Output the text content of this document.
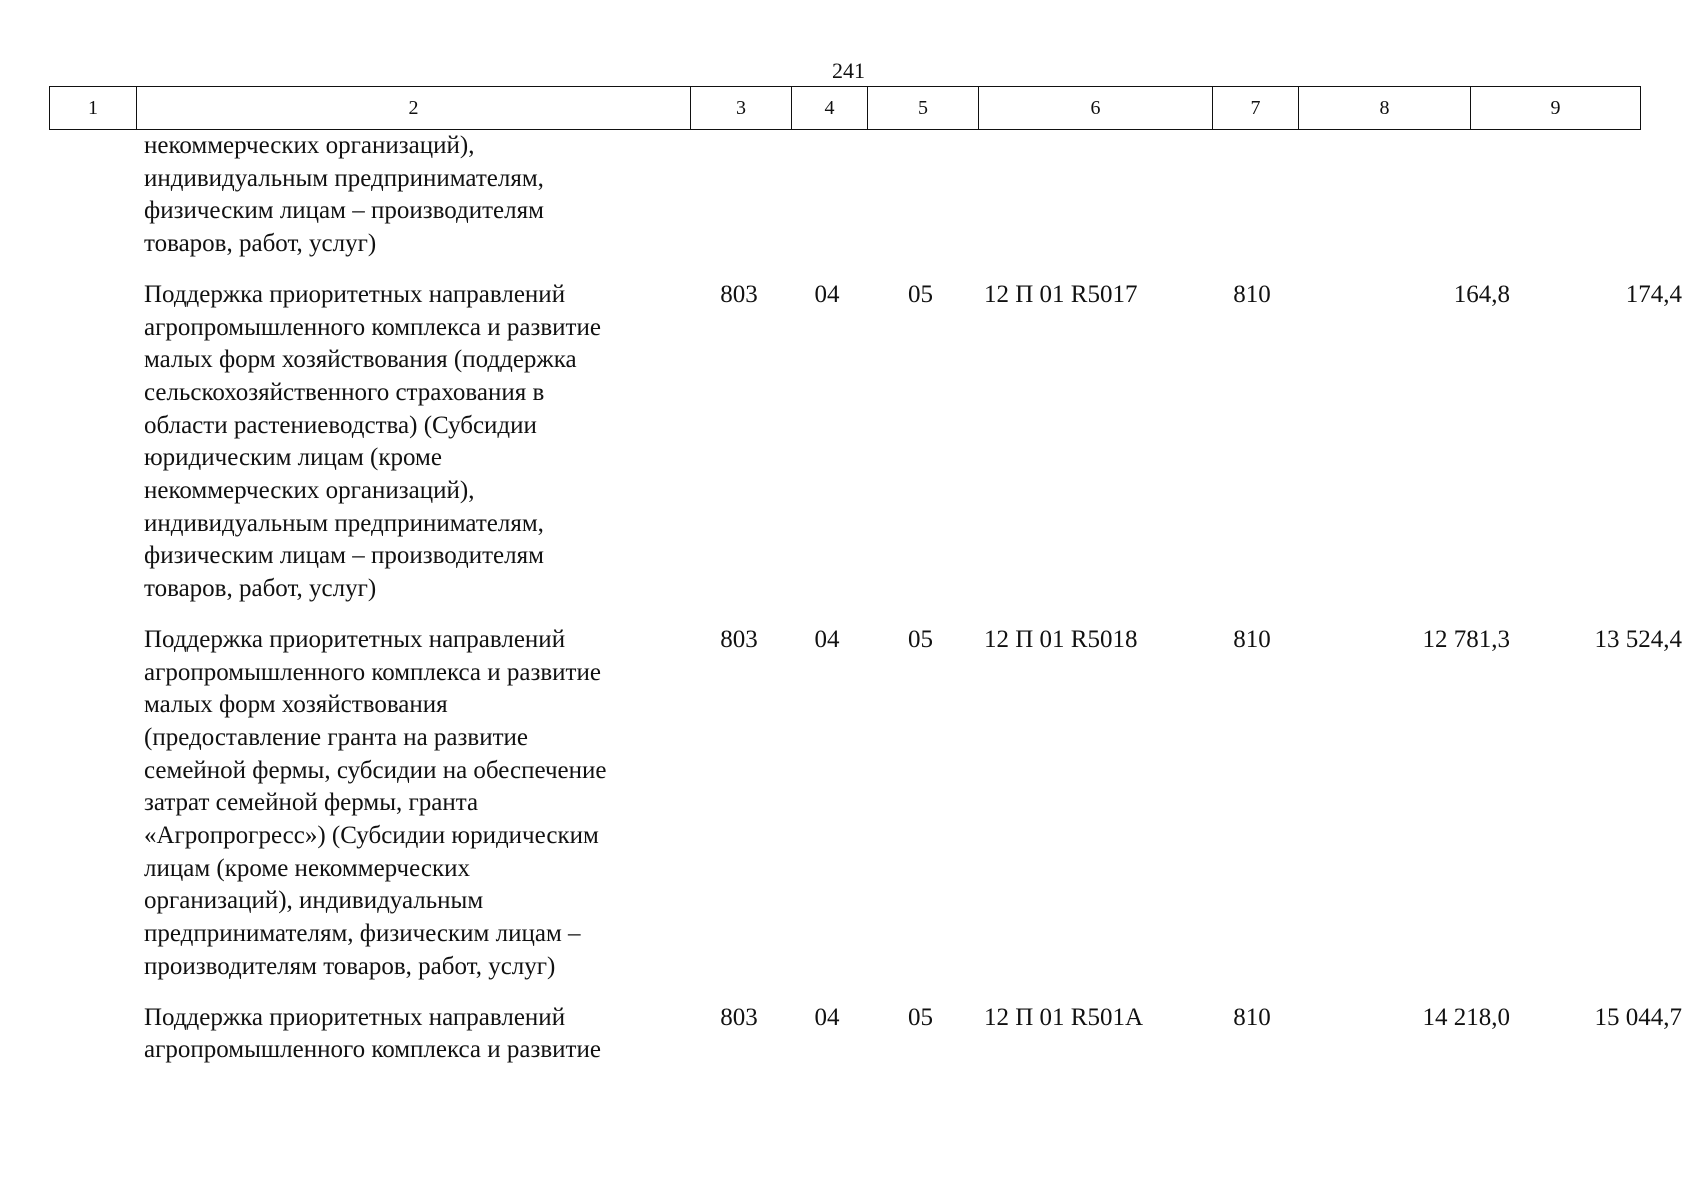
241
1	2	3	4	5	6	7	8	9
некоммерческих организаций),
индивидуальным предпринимателям,
физическим лицам – производителям
товаров, работ, услуг)
Поддержка приоритетных направлений
агропромышленного комплекса и развитие
малых форм хозяйствования (поддержка
сельскохозяйственного страхования в
области растениеводства) (Субсидии
юридическим лицам (кроме
некоммерческих организаций),
индивидуальным предпринимателям,
физическим лицам – производителям
товаров, работ, услуг)
803	04	05	12 П 01 R5017	810	164,8	174,4
Поддержка приоритетных направлений
агропромышленного комплекса и развитие
малых форм хозяйствования
(предоставление гранта на развитие
семейной фермы, субсидии на обеспечение
затрат семейной фермы, гранта
«Агропрогресс») (Субсидии юридическим
лицам (кроме некоммерческих
организаций), индивидуальным
предпринимателям, физическим лицам –
производителям товаров, работ, услуг)
803	04	05	12 П 01 R5018	810	12 781,3	13 524,4
Поддержка приоритетных направлений
агропромышленного комплекса и развитие
803	04	05	12 П 01 R501А	810	14 218,0	15 044,7
